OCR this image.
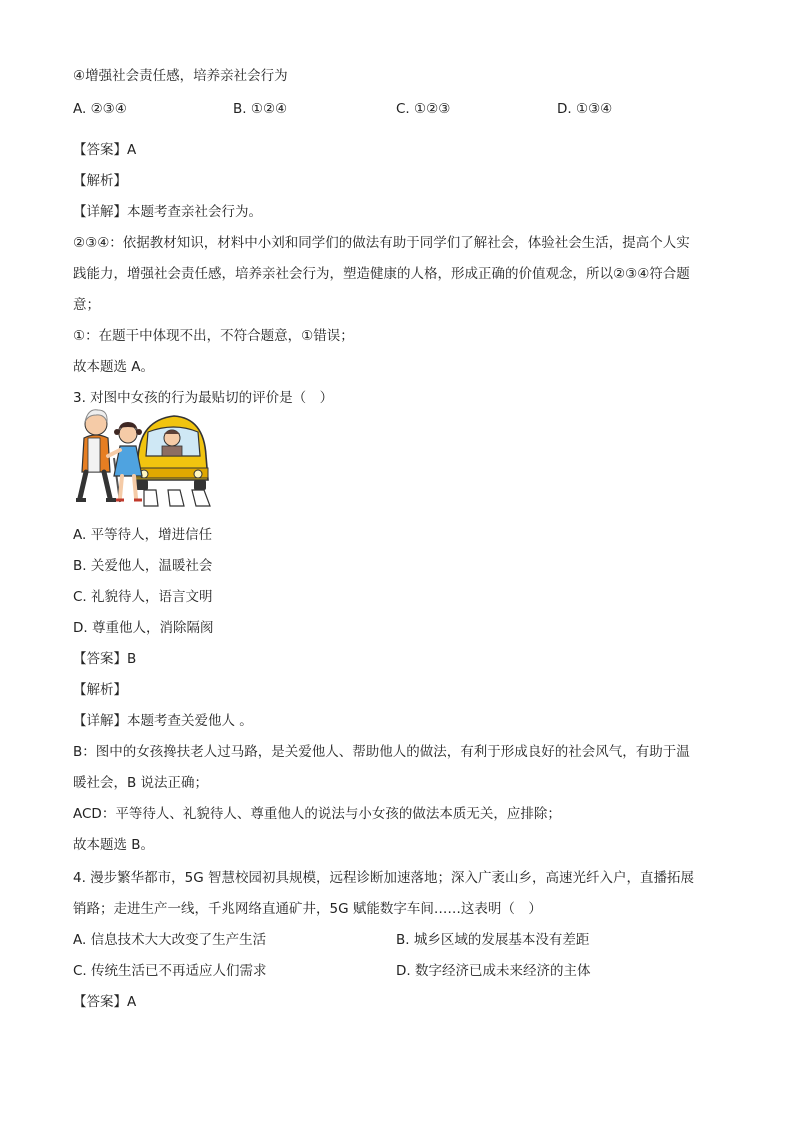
④增强社会责任感，培养亲社会行为
A. ②③④	B. ①②④	C. ①②③	D. ①③④
【答案】A
【解析】
【详解】本题考查亲社会行为。
②③④：依据教材知识，材料中小刘和同学们的做法有助于同学们了解社会，体验社会生活，提高个人实
践能力，增强社会责任感，培养亲社会行为，塑造健康的人格，形成正确的价值观念，所以②③④符合题
意；
①：在题干中体现不出，不符合题意，①错误；
故本题选 A。
3. 对图中女孩的行为最贴切的评价是（　）
A. 平等待人，增进信任
B. 关爱他人，温暖社会
C. 礼貌待人，语言文明
D. 尊重他人，消除隔阂
【答案】B
【解析】
【详解】本题考查关爱他人 。
B：图中的女孩搀扶老人过马路，是关爱他人、帮助他人的做法，有利于形成良好的社会风气，有助于温
暖社会，B 说法正确；
ACD：平等待人、礼貌待人、尊重他人的说法与小女孩的做法本质无关，应排除；
故本题选 B。
4. 漫步繁华都市，5G 智慧校园初具规模，远程诊断加速落地；深入广袤山乡，高速光纤入户，直播拓展
销路；走进生产一线，千兆网络直通矿井，5G 赋能数字车间……这表明（　）
A. 信息技术大大改变了生产生活	B. 城乡区域的发展基本没有差距
C. 传统生活已不再适应人们需求	D. 数字经济已成未来经济的主体
【答案】A
